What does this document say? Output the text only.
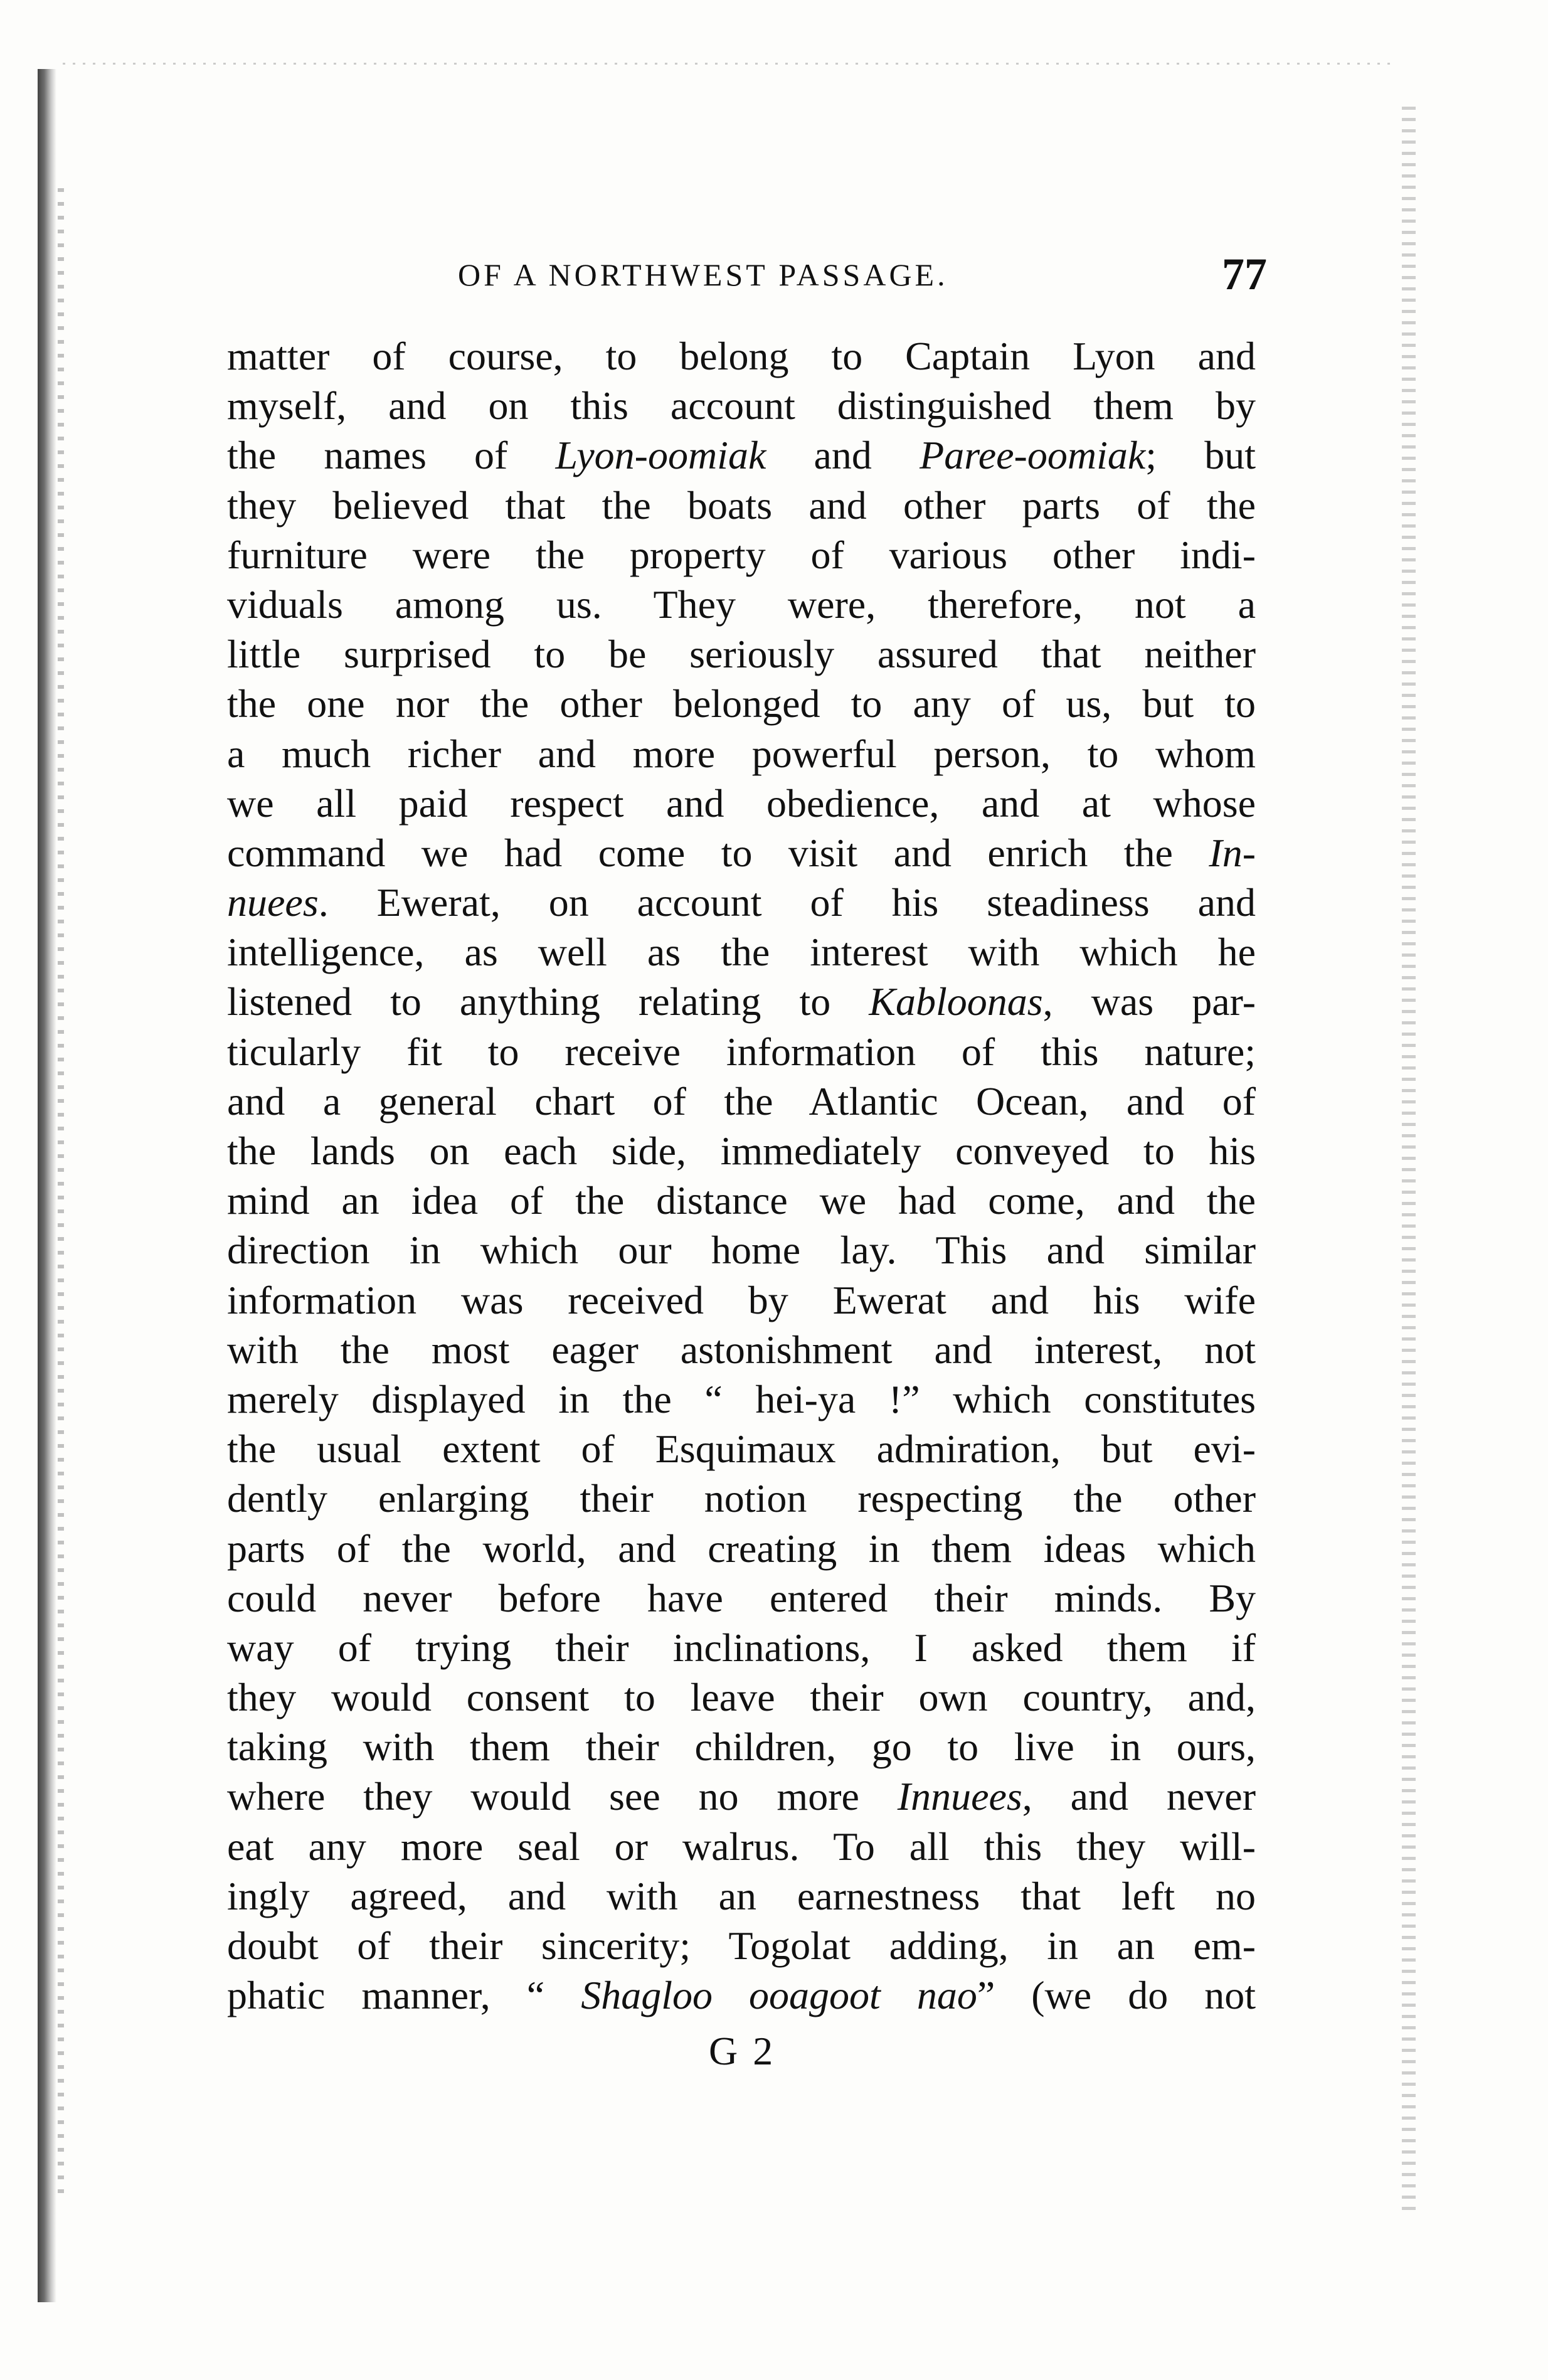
OF A NORTHWEST PASSAGE.	77
matter of course, to belong to Captain Lyon and
myself, and on this account distinguished them by
the names of Lyon-oomiak and Paree-oomiak; but
they believed that the boats and other parts of the
furniture were the property of various other indi-
viduals among us. They were, therefore, not a
little surprised to be seriously assured that neither
the one nor the other belonged to any of us, but to
a much richer and more powerful person, to whom
we all paid respect and obedience, and at whose
command we had come to visit and enrich the In-
nuees. Ewerat, on account of his steadiness and
intelligence, as well as the interest with which he
listened to anything relating to Kabloonas, was par-
ticularly fit to receive information of this nature;
and a general chart of the Atlantic Ocean, and of
the lands on each side, immediately conveyed to his
mind an idea of the distance we had come, and the
direction in which our home lay. This and similar
information was received by Ewerat and his wife
with the most eager astonishment and interest, not
merely displayed in the “ hei-ya !” which constitutes
the usual extent of Esquimaux admiration, but evi-
dently enlarging their notion respecting the other
parts of the world, and creating in them ideas which
could never before have entered their minds. By
way of trying their inclinations, I asked them if
they would consent to leave their own country, and,
taking with them their children, go to live in ours,
where they would see no more Innuees, and never
eat any more seal or walrus. To all this they will-
ingly agreed, and with an earnestness that left no
doubt of their sincerity; Togolat adding, in an em-
phatic manner, “ Shagloo ooagoot nao” (we do not
G 2
